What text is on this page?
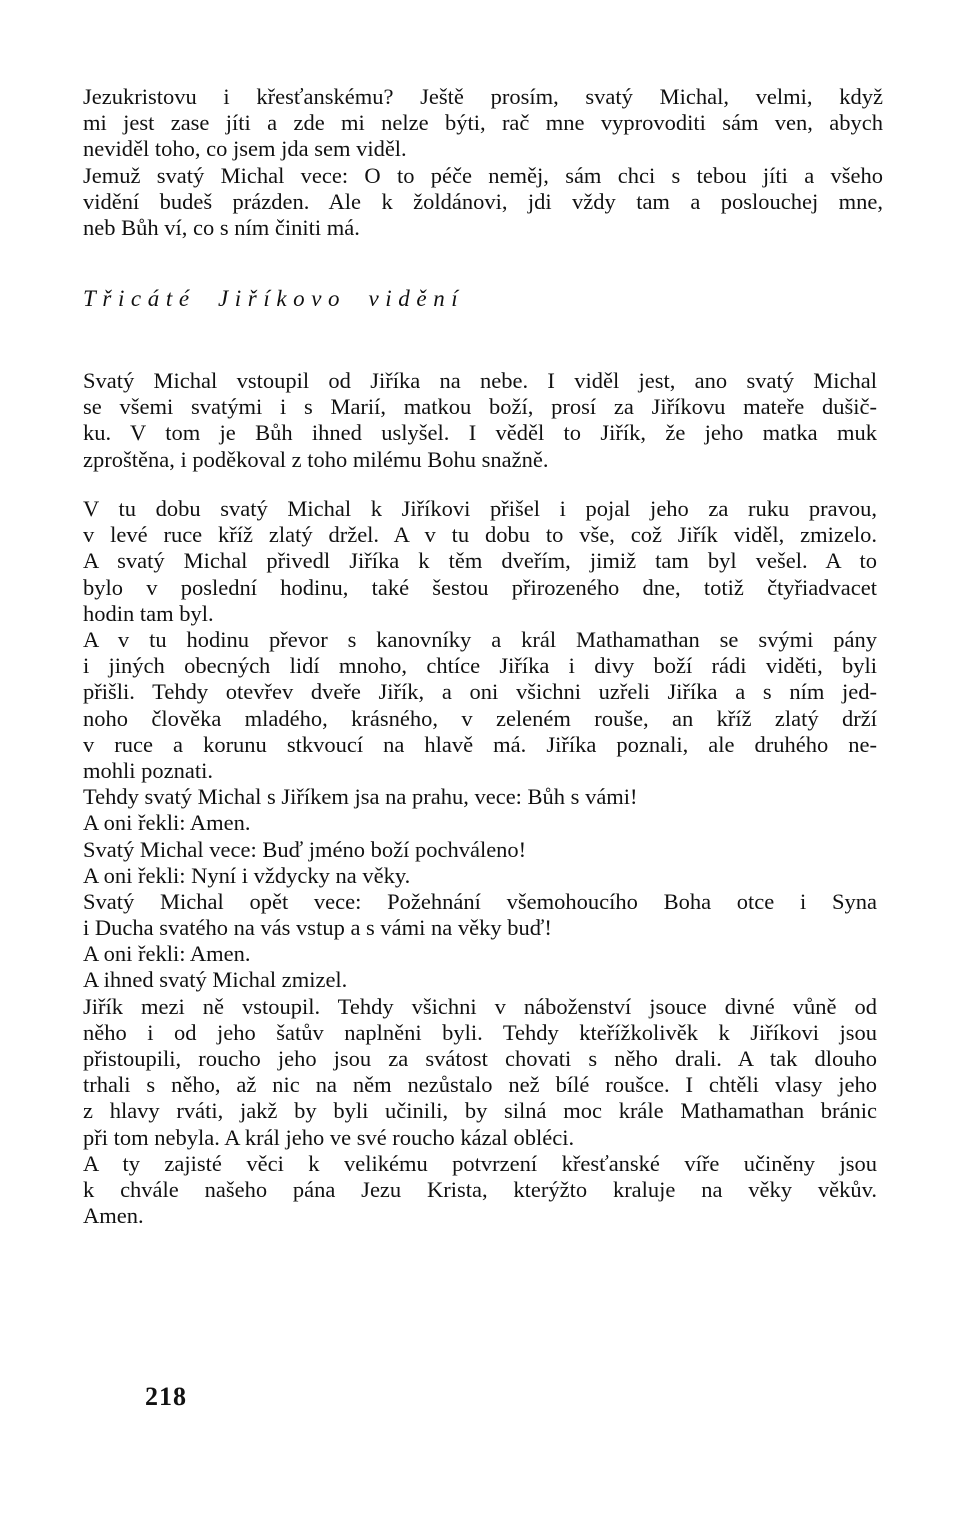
Jezukristovu i křesťanskému? Ještě prosím, svatý Michal, velmi, když
mi jest zase jíti a zde mi nelze býti, rač mne vyprovoditi sám ven, abych
neviděl toho, co jsem jda sem viděl.
Jemuž svatý Michal vece: O to péče neměj, sám chci s tebou jíti a všeho
vidění budeš prázden. Ale k žoldánovi, jdi vždy tam a poslouchej mne,
neb Bůh ví, co s ním činiti má.
Třicáté Jiříkovo vidění
Svatý Michal vstoupil od Jiříka na nebe. I viděl jest, ano svatý Michal
se všemi svatými i s Marií, matkou boží, prosí za Jiříkovu mateře dušič-
ku. V tom je Bůh ihned uslyšel. I věděl to Jiřík, že jeho matka muk
zproštěna, i poděkoval z toho milému Bohu snažně.
V tu dobu svatý Michal k Jiříkovi přišel i pojal jeho za ruku pravou,
v levé ruce kříž zlatý držel. A v tu dobu to vše, což Jiřík viděl, zmizelo.
A svatý Michal přivedl Jiříka k těm dveřím, jimiž tam byl vešel. A to
bylo v poslední hodinu, také šestou přirozeného dne, totiž čtyřiadvacet
hodin tam byl.
A v tu hodinu převor s kanovníky a král Mathamathan se svými pány
i jiných obecných lidí mnoho, chtíce Jiříka i divy boží rádi viděti, byli
přišli. Tehdy otevřev dveře Jiřík, a oni všichni uzřeli Jiříka a s ním jed-
noho člověka mladého, krásného, v zeleném rouše, an kříž zlatý drží
v ruce a korunu stkvoucí na hlavě má. Jiříka poznali, ale druhého ne-
mohli poznati.
Tehdy svatý Michal s Jiříkem jsa na prahu, vece: Bůh s vámi!
A oni řekli: Amen.
Svatý Michal vece: Buď jméno boží pochváleno!
A oni řekli: Nyní i vždycky na věky.
Svatý Michal opět vece: Požehnání všemohoucího Boha otce i Syna
i Ducha svatého na vás vstup a s vámi na věky buď!
A oni řekli: Amen.
A ihned svatý Michal zmizel.
Jiřík mezi ně vstoupil. Tehdy všichni v náboženství jsouce divné vůně od
něho i od jeho šatův naplněni byli. Tehdy kteřížkolivěk k Jiříkovi jsou
přistoupili, roucho jeho jsou za svátost chovati s něho drali. A tak dlouho
trhali s něho, až nic na něm nezůstalo než bílé roušce. I chtěli vlasy jeho
z hlavy rváti, jakž by byli učinili, by silná moc krále Mathamathan bránic
při tom nebyla. A král jeho ve své roucho kázal obléci.
A ty zajisté věci k velikému potvrzení křesťanské víře učiněny jsou
k chvále našeho pána Jezu Krista, kterýžto kraluje na věky věkův.
Amen.
218
